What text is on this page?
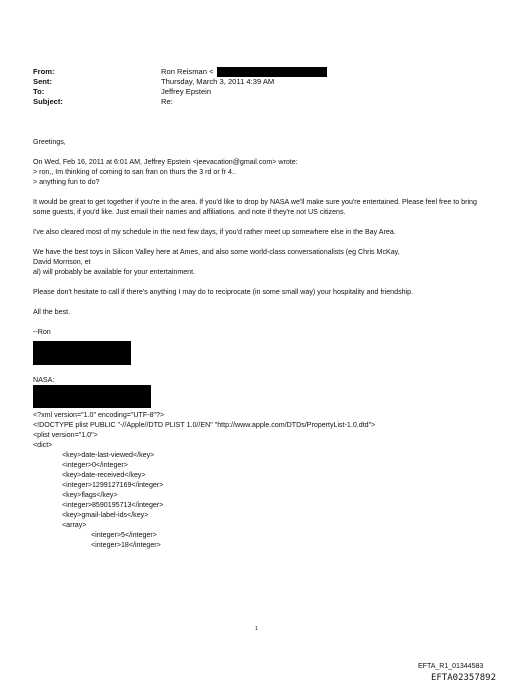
From:	Ron Reisman <
Sent:	Thursday, March 3, 2011 4:39 AM
To:	Jeffrey Epstein
Subject:	Re:

Greetings,

On Wed, Feb 16, 2011 at 6:01 AM, Jeffrey Epstein <jeevacation@gmail.com> wrote:
> ron,, Im thinking of coming to san fran on thurs the 3 rd or fr 4..
> anything fun to do?

It would be great to get together if you're in the area. If you'd like to drop by NASA we'll make sure you're entertained. Please feel free to bring some guests, if you'd like. Just email their names and affiliations. and note if they're not US citizens.

I've also cleared most of my schedule in the next few days, if you'd rather meet up somewhere else in the Bay Area.

We have the best toys in Silicon Valley here at Ames, and also some world-class conversationalists (eg Chris McKay,
David Morrison, et
al) will probably be available for your entertainment.

Please don't hesitate to call if there's anything I may do to reciprocate (in some small way) your hospitality and friendship.

All the best.

--Ron

NASA:

<?xml version="1.0" encoding="UTF-8"?>
<!DOCTYPE plist PUBLIC "-//Apple//DTD PLIST 1.0//EN" "http://www.apple.com/DTDs/PropertyList-1.0.dtd">
<plist version="1.0">
<dict>
<key>date-last-viewed</key>
<integer>0</integer>
<key>date-received</key>
<integer>1299127169</integer>
<key>flags</key>
<integer>8590195713</integer>
<key>gmail-label-ids</key>
<array>
<integer>5</integer>
<integer>18</integer>
1
EFTA_R1_01344583
EFTA02357892
